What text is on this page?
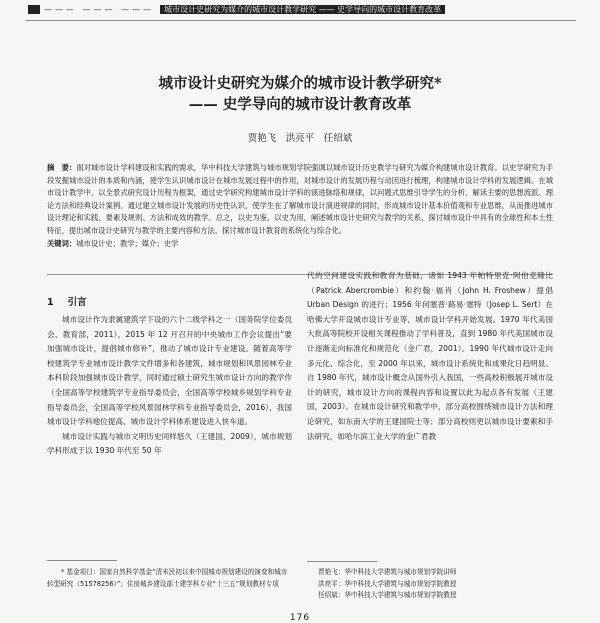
——— ——— ——— 城市设计史研究为媒介的城市设计教学研究 —— 史学导向的城市设计教育改革
城市设计史研究为媒介的城市设计教学研究*
—— 史学导向的城市设计教育改革
贾艳飞　洪亮平　任绍斌
摘　要：面对城市设计学科建设和实践的需求，华中科技大学建筑与城市规划学院强调以城市设计历史教学与研究为媒介构建城市设计教育。以史学研究为手段发掘城市设计的本质和内涵，使学生认识城市设计在城市发展过程中的作用，对城市设计的发展历程与动因进行梳理，构建城市设计学科的发展逻辑。在城市设计教学中，以全景式研究设计历程为框架，通过史学研究构建城市设计学科的演进脉络和规律，以问题式思维引导学生的分析，解读主要的思想流派、理论方法和经典设计案例。通过建立城市设计发展的历史性认识，使学生在了解城市设计演进规律的同时，形成城市设计基本价值观和专业思维，从而推进城市设计理论和实践、要素及规则、方法和成效的教学。总之，以史为鉴，以史为用，阐述城市设计史研究与教学的关系，探讨城市设计中具有的全球性和本土性特征，提出城市设计史研究与教学的主要内容和方法，探讨城市设计教育的系统化与综合化。
关键词：城市设计史；教学；媒介；史学
1 引言

城市设计作为隶属建筑学下设的六个二级学科之一（国务院学位委员会、教育部，2011），2015 年 12 月召开的中央城市工作会议提出“要加强城市设计，提倡城市修补”，推动了城市设计专业建设。随着高等学校建筑学专业城市设计教学文件增多和各建筑、城市规划和风景园林专业本科阶段加强城市设计教学，同时通过硕士研究生城市设计方向的教学作（全国高等学校建筑学专业指导委员会，全国高等学校城乡规划学科专业指导委员会，全国高等学校风景园林学科专业指导委员会，2016），我国城市设计学科地位提高、城市设计学科体系建设进入快车道。

城市设计实践与城市文明历史同样悠久（王建国，2009），城市规划学科形成于以 1930 年代至 50 年

代的空间建设实践和教育为基础，诸如 1943 年帕特里克·阿伯克隆比（Patrick Abercrombie）和约翰·福肖（John H. Froshew）提倡 Urban Design 的进行；1956 年何塞普·路易·塞特（Josep L. Sert）在哈佛大学开设城市设计专业等，城市设计学科开始发展。1970 年代美国大批高等院校开设相关课程推动了学科普及，直到 1980 年代美国城市设计逐渐走向标准化和规范化（金广君，2001）。1990 年代城市设计走向多元化、综合化，至 2000 年以来，城市设计系统化和成果化日趋明显。自 1980 年代，城市设计概念从国外引入我国，一些高校积极展开城市设计的研究，城市设计方向的课程内容和设置以此为起点各有发展（王建国，2003）。在城市设计研究和教学中，部分高校围绕城市设计方法和理论研究，如东南大学的王建国院士等；部分高校则更以城市设计要素和手法研究，如哈尔滨工业大学的金广君教

* 基金项目：国家自然科学基金“清末民初以来中国城市规划建设的演变和城市转型研究（51578256）”；住房城乡建设部土建学科专业“十三五”规划教材专项

贾艳飞：华中科技大学建筑与城市规划学院讲师

洪亮平：华中科技大学建筑与城市规划学院教授

任绍斌：华中科技大学建筑与城市规划学院教授

176
